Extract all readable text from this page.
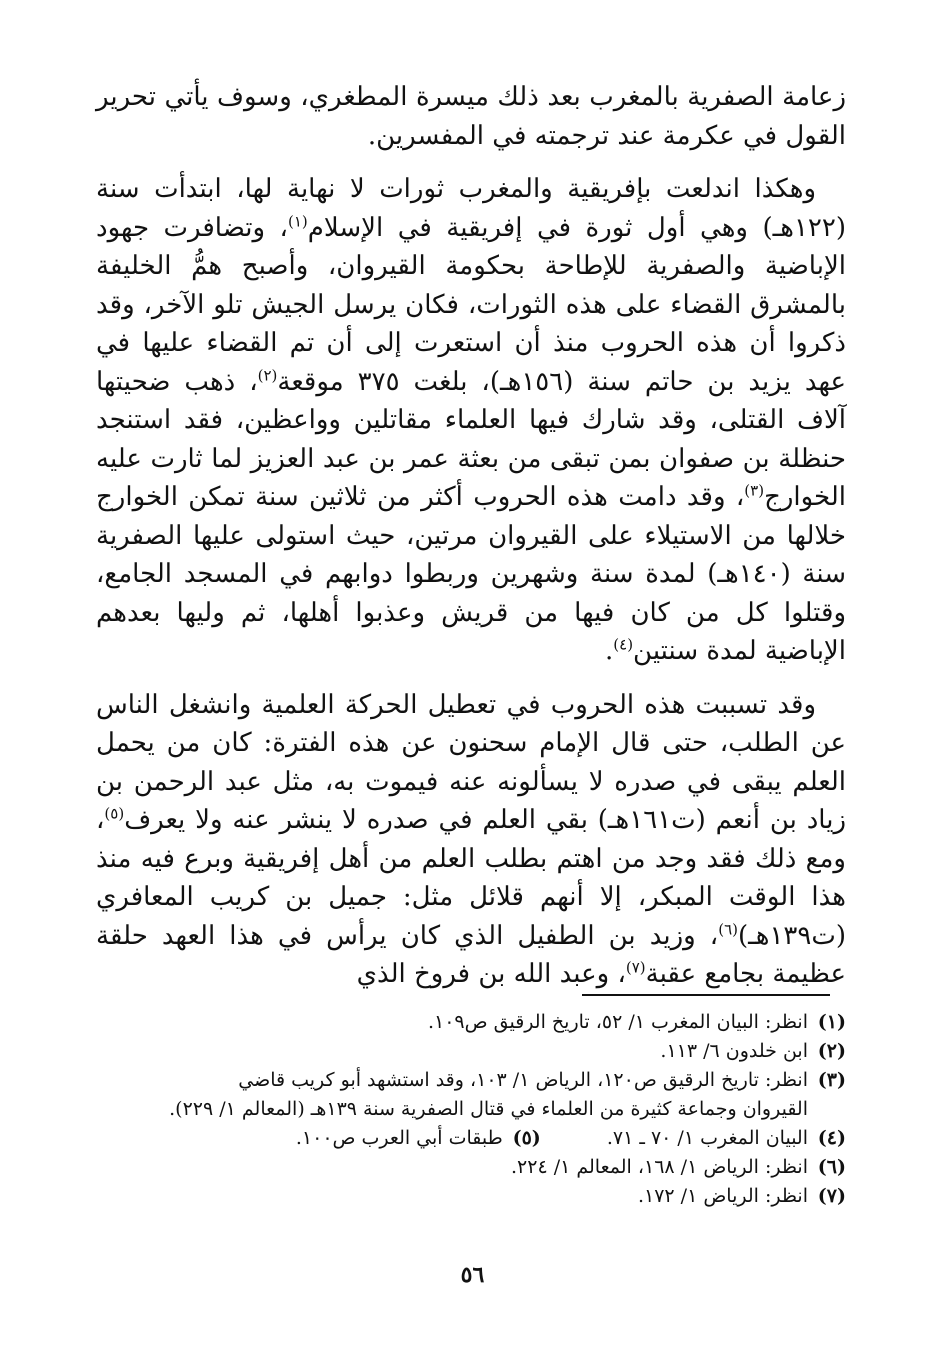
زعامة الصفرية بالمغرب بعد ذلك ميسرة المطغري، وسوف يأتي تحرير القول في عكرمة عند ترجمته في المفسرين.

وهكذا اندلعت بإفريقية والمغرب ثورات لا نهاية لها، ابتدأت سنة (١٢٢هـ) وهي أول ثورة في إفريقية في الإسلام$^{(١)}$، وتضافرت جهود الإباضية والصفرية للإطاحة بحكومة القيروان، وأصبح همُّ الخليفة بالمشرق القضاء على هذه الثورات، فكان يرسل الجيش تلو الآخر، وقد ذكروا أن هذه الحروب منذ أن استعرت إلى أن تم القضاء عليها في عهد يزيد بن حاتم سنة (١٥٦هـ)، بلغت ٣٧٥ موقعة$^{(٢)}$، ذهب ضحيتها آلاف القتلى، وقد شارك فيها العلماء مقاتلين وواعظين، فقد استنجد حنظلة بن صفوان بمن تبقى من بعثة عمر بن عبد العزيز لما ثارت عليه الخوارج$^{(٣)}$، وقد دامت هذه الحروب أكثر من ثلاثين سنة تمكن الخوارج خلالها من الاستيلاء على القيروان مرتين، حيث استولى عليها الصفرية سنة (١٤٠هـ) لمدة سنة وشهرين وربطوا دوابهم في المسجد الجامع، وقتلوا كل من كان فيها من قريش وعذبوا أهلها، ثم وليها بعدهم الإباضية لمدة سنتين$^{(٤)}$.

وقد تسببت هذه الحروب في تعطيل الحركة العلمية وانشغل الناس عن الطلب، حتى قال الإمام سحنون عن هذه الفترة: كان من يحمل العلم يبقى في صدره لا يسألونه عنه فيموت به، مثل عبد الرحمن بن زياد بن أنعم (ت١٦١هـ) بقي العلم في صدره لا ينشر عنه ولا يعرف$^{(٥)}$، ومع ذلك فقد وجد من اهتم بطلب العلم من أهل إفريقية وبرع فيه منذ هذا الوقت المبكر، إلا أنهم قلائل مثل: جميل بن كريب المعافري (ت١٣٩هـ)$^{(٦)}$، وزيد بن الطفيل الذي كان يرأس في هذا العهد حلقة عظيمة بجامع عقبة$^{(٧)}$، وعبد الله بن فروخ الذي

(١)انظر: البيان المغرب ١/ ٥٢، تاريخ الرقيق ص١٠٩.

(٢)ابن خلدون ٦/ ١١٣.

(٣)انظر: تاريخ الرقيق ص١٢٠، الرياض ١/ ١٠٣، وقد استشهد أبو كريب قاضي
القيروان وجماعة كثيرة من العلماء في قتال الصفرية سنة ١٣٩هـ (المعالم ١/ ٢٢٩).

(٤)البيان المغرب ١/ ٧٠ ـ ٧١. (٥)طبقات أبي العرب ص١٠٠.

(٦)انظر: الرياض ١/ ١٦٨، المعالم ١/ ٢٢٤.

(٧)انظر: الرياض ١/ ١٧٢.

٥٦
